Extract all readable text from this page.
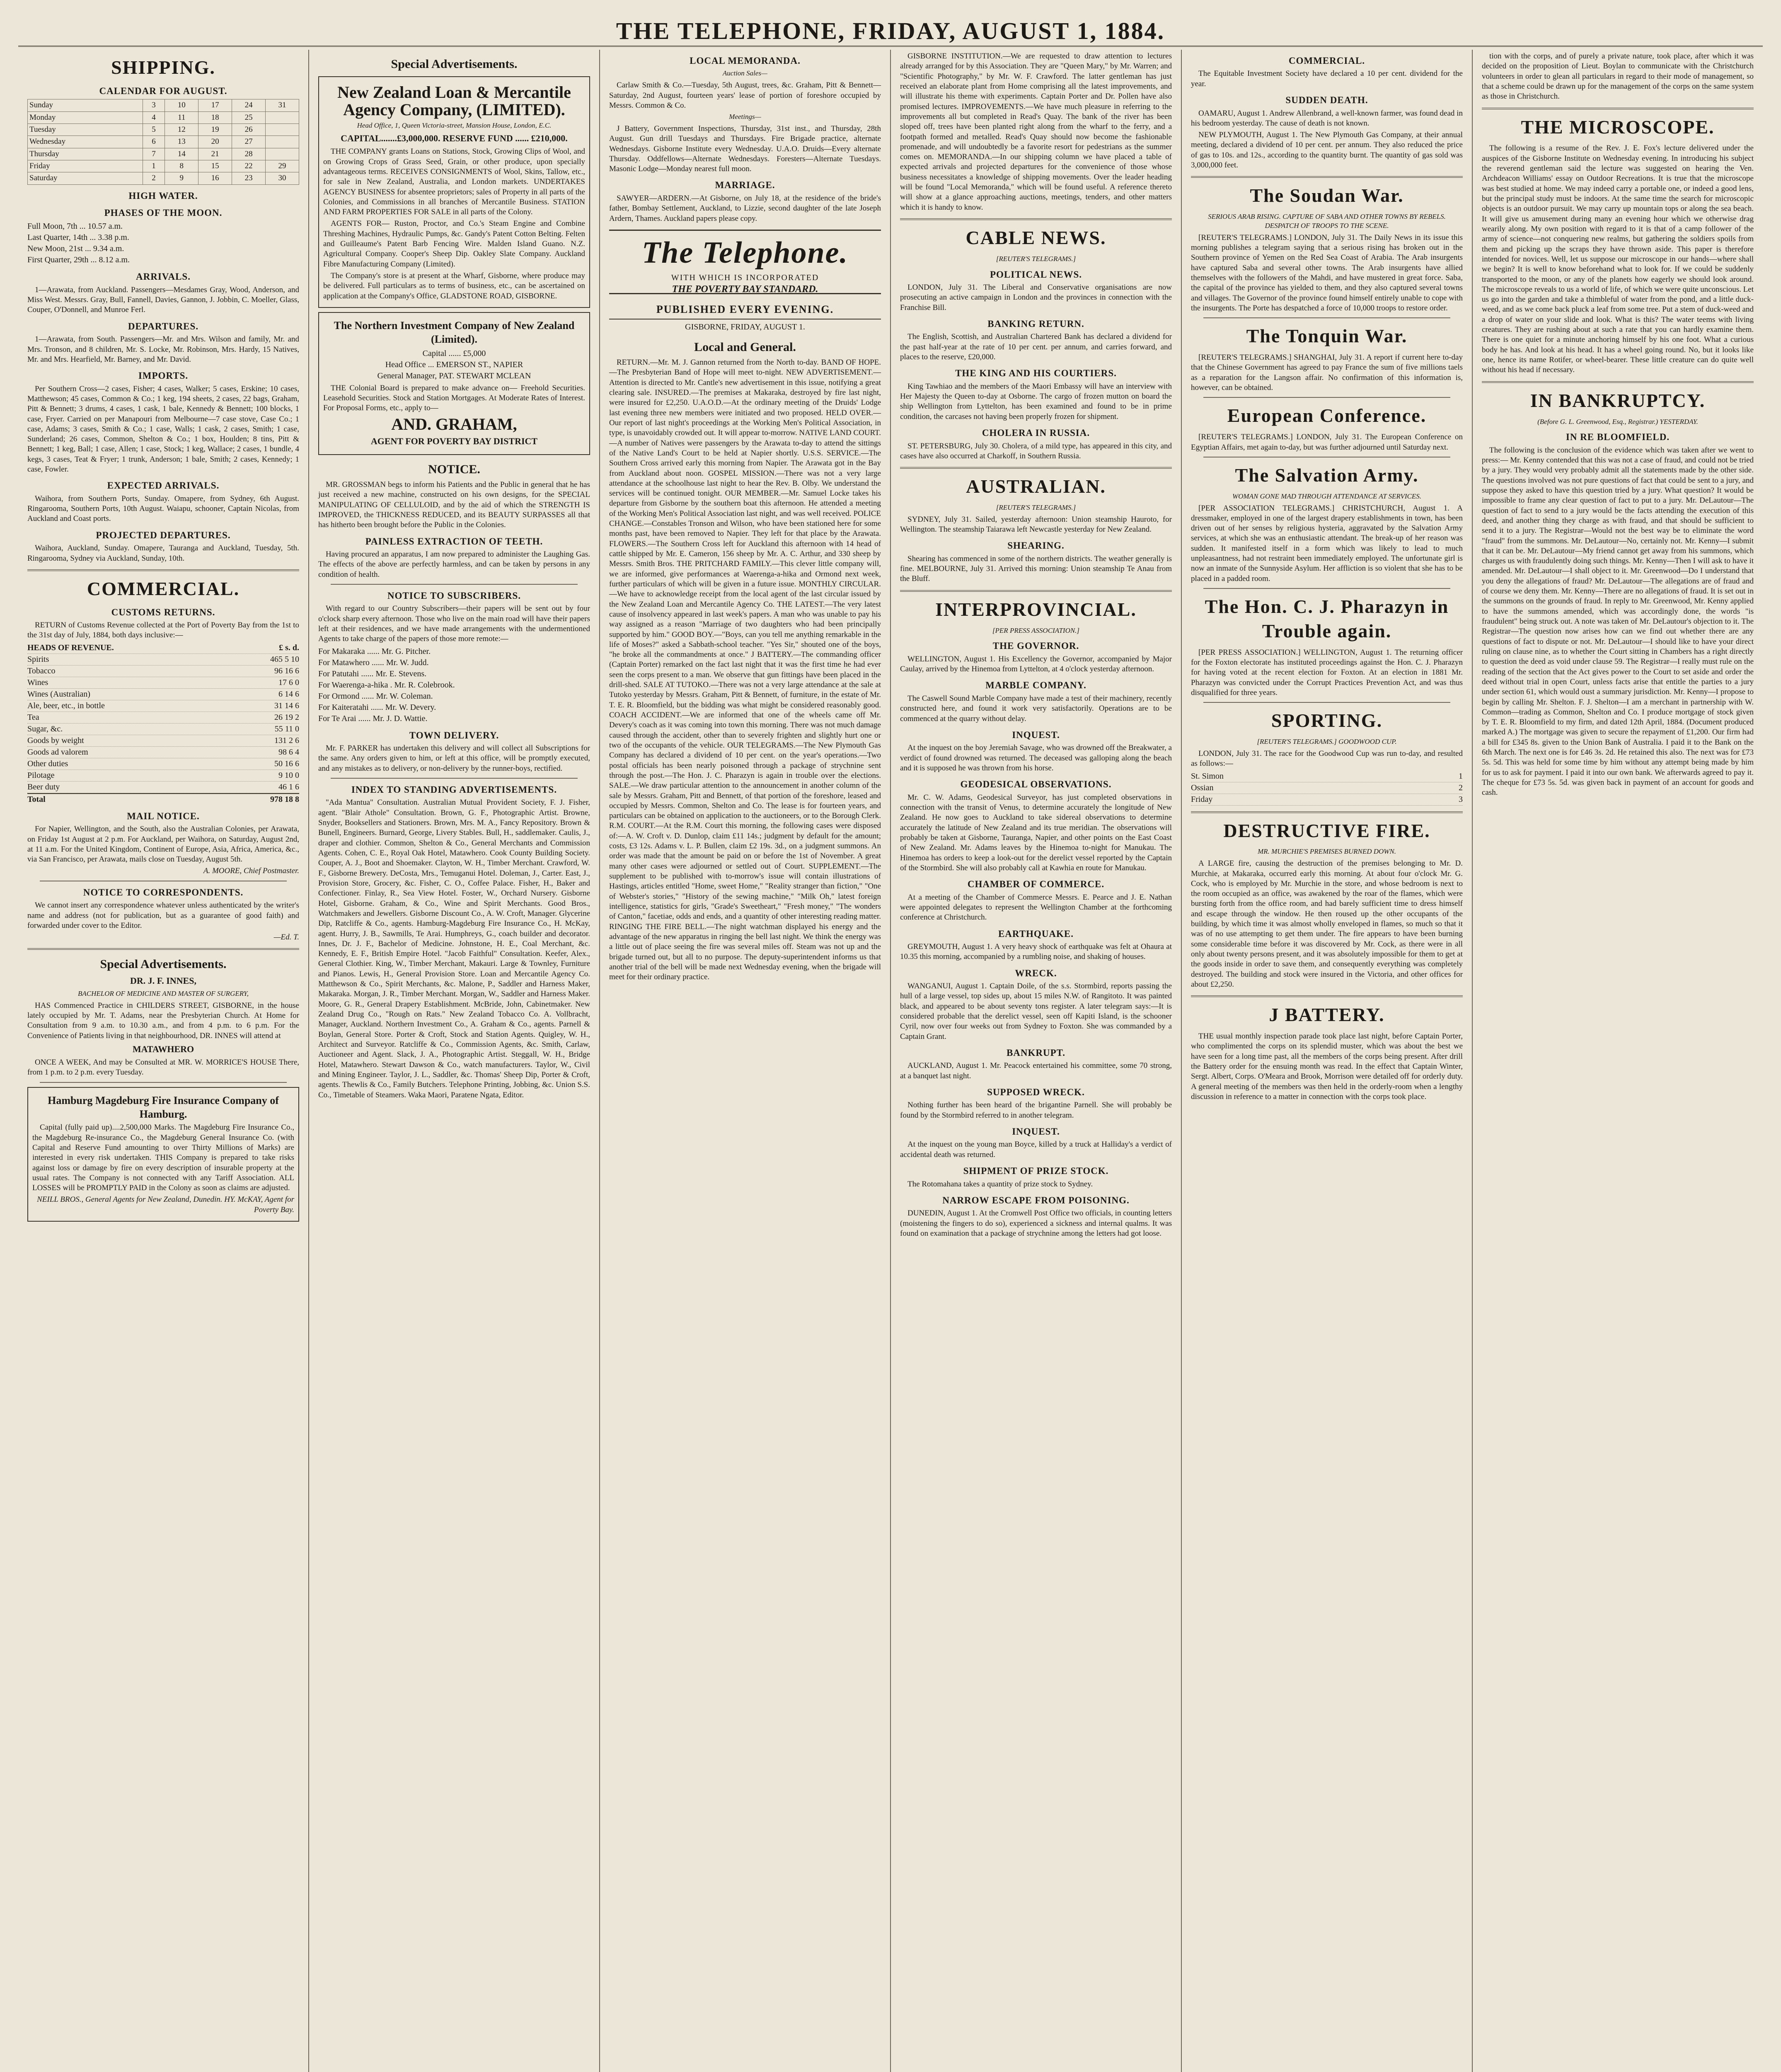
THE TELEPHONE, FRIDAY, AUGUST 1, 1884.
SHIPPING.
CALENDAR FOR AUGUST.
Sunday	3	10	17	24	31
Monday	4	11	18	25	
Tuesday	5	12	19	26	
Wednesday	6	13	20	27	
Thursday	7	14	21	28	
Friday	1	8	15	22	29
Saturday	2	9	16	23	30
HIGH WATER.
PHASES OF THE MOON.
Full Moon, 7th ... 10.57 a.m.
Last Quarter, 14th ... 3.38 p.m.
New Moon, 21st ... 9.34 a.m.
First Quarter, 29th ... 8.12 a.m.
ARRIVALS.

1—Arawata, from Auckland. Passengers—Mesdames Gray, Wood, Anderson, and Miss West. Messrs. Gray, Bull, Fannell, Davies, Gannon, J. Jobbin, C. Moeller, Glass, Couper, O'Donnell, and Munroe Ferl.

DEPARTURES.

1—Arawata, from South. Passengers—Mr. and Mrs. Wilson and family, Mr. and Mrs. Tronson, and 8 children, Mr. S. Locke, Mr. Robinson, Mrs. Hardy, 15 Natives, Mr. and Mrs. Hearfield, Mr. Barney, and Mr. David.

IMPORTS.

Per Southern Cross—2 cases, Fisher; 4 cases, Walker; 5 cases, Erskine; 10 cases, Matthewson; 45 cases, Common & Co.; 1 keg, 194 sheets, 2 cases, 22 bags, Graham, Pitt & Bennett; 3 drums, 4 cases, 1 cask, 1 bale, Kennedy & Bennett; 100 blocks, 1 case, Fryer. Carried on per Manapouri from Melbourne—7 case stove, Case Co.; 1 case, Adams; 3 cases, Smith & Co.; 1 case, Walls; 1 cask, 2 cases, Smith; 1 case, Sunderland; 26 cases, Common, Shelton & Co.; 1 box, Houlden; 8 tins, Pitt & Bennett; 1 keg, Ball; 1 case, Allen; 1 case, Stock; 1 keg, Wallace; 2 cases, 1 bundle, 4 kegs, 3 cases, Teat & Fryer; 1 trunk, Anderson; 1 bale, Smith; 2 cases, Kennedy; 1 case, Fowler.

EXPECTED ARRIVALS.

Waihora, from Southern Ports, Sunday. Omapere, from Sydney, 6th August. Ringarooma, Southern Ports, 10th August. Waiapu, schooner, Captain Nicolas, from Auckland and Coast ports.

PROJECTED DEPARTURES.

Waihora, Auckland, Sunday. Omapere, Tauranga and Auckland, Tuesday, 5th. Ringarooma, Sydney via Auckland, Sunday, 10th.

COMMERCIAL.
CUSTOMS RETURNS.

RETURN of Customs Revenue collected at the Port of Poverty Bay from the 1st to the 31st day of July, 1884, both days inclusive:—

HEADS OF REVENUE.	£ s. d.
Spirits	465 5 10
Tobacco	96 16 6
Wines	17 6 0
Wines (Australian)	6 14 6
Ale, beer, etc., in bottle	31 14 6
Tea	26 19 2
Sugar, &c.	55 11 0
Goods by weight	131 2 6
Goods ad valorem	98 6 4
Other duties	50 16 6
Pilotage	9 10 0
Beer duty	46 1 6
Total	978 18 8
MAIL NOTICE.

For Napier, Wellington, and the South, also the Australian Colonies, per Arawata, on Friday 1st August at 2 p.m. For Auckland, per Waihora, on Saturday, August 2nd, at 11 a.m. For the United Kingdom, Continent of Europe, Asia, Africa, America, &c., via San Francisco, per Arawata, mails close on Tuesday, August 5th.

A. MOORE, Chief Postmaster.
NOTICE TO CORRESPONDENTS.

We cannot insert any correspondence whatever unless authenticated by the writer's name and address (not for publication, but as a guarantee of good faith) and forwarded under cover to the Editor.

—Ed. T.
Special Advertisements.
DR. J. F. INNES,
BACHELOR OF MEDICINE AND MASTER OF SURGERY,

HAS Commenced Practice in CHILDERS STREET, GISBORNE, in the house lately occupied by Mr. T. Adams, near the Presbyterian Church. At Home for Consultation from 9 a.m. to 10.30 a.m., and from 4 p.m. to 6 p.m. For the Convenience of Patients living in that neighbourhood, DR. INNES will attend at

MATAWHERO

ONCE A WEEK, And may be Consulted at MR. W. MORRICE'S HOUSE There, from 1 p.m. to 2 p.m. every Tuesday.

Hamburg Magdeburg Fire Insurance Company of Hamburg.

Capital (fully paid up)....2,500,000 Marks. The Magdeburg Fire Insurance Co., the Magdeburg Re-insurance Co., the Magdeburg General Insurance Co. (with Capital and Reserve Fund amounting to over Thirty Millions of Marks) are interested in every risk undertaken. THIS Company is prepared to take risks against loss or damage by fire on every description of insurable property at the usual rates. The Company is not connected with any Tariff Association. ALL LOSSES will be PROMPTLY PAID in the Colony as soon as claims are adjusted.

NEILL BROS., General Agents for New Zealand, Dunedin. HY. McKAY, Agent for Poverty Bay.
Special Advertisements.
New Zealand Loan & Mercantile Agency Company, (LIMITED).
Head Office, 1, Queen Victoria-street, Mansion House, London, E.C.
CAPITAL.......£3,000,000. RESERVE FUND ...... £210,000.

THE COMPANY grants Loans on Stations, Stock, Growing Clips of Wool, and on Growing Crops of Grass Seed, Grain, or other produce, upon specially advantageous terms. RECEIVES CONSIGNMENTS of Wool, Skins, Tallow, etc., for sale in New Zealand, Australia, and London markets. UNDERTAKES AGENCY BUSINESS for absentee proprietors; sales of Property in all parts of the Colonies, and Commissions in all branches of Mercantile Business. STATION AND FARM PROPERTIES FOR SALE in all parts of the Colony.

AGENTS FOR— Ruston, Proctor, and Co.'s Steam Engine and Combine Threshing Machines, Hydraulic Pumps, &c. Gandy's Patent Cotton Belting. Felten and Guilleaume's Patent Barb Fencing Wire. Malden Island Guano. N.Z. Agricultural Company. Cooper's Sheep Dip. Oakley Slate Company. Auckland Fibre Manufacturing Company (Limited).

The Company's store is at present at the Wharf, Gisborne, where produce may be delivered. Full particulars as to terms of business, etc., can be ascertained on application at the Company's Office, GLADSTONE ROAD, GISBORNE.

The Northern Investment Company of New Zealand (Limited).
Capital ...... £5,000
Head Office ... EMERSON ST., NAPIER
General Manager, PAT. STEWART MCLEAN

THE Colonial Board is prepared to make advance on— Freehold Securities. Leasehold Securities. Stock and Station Mortgages. At Moderate Rates of Interest. For Proposal Forms, etc., apply to—

AND. GRAHAM,
AGENT FOR POVERTY BAY DISTRICT
NOTICE.

MR. GROSSMAN begs to inform his Patients and the Public in general that he has just received a new machine, constructed on his own designs, for the SPECIAL MANIPULATING OF CELLULOID, and by the aid of which the STRENGTH IS IMPROVED, the THICKNESS REDUCED, and its BEAUTY SURPASSES all that has hitherto been brought before the Public in the Colonies.

PAINLESS EXTRACTION OF TEETH.

Having procured an apparatus, I am now prepared to administer the Laughing Gas. The effects of the above are perfectly harmless, and can be taken by persons in any condition of health.

NOTICE TO SUBSCRIBERS.

With regard to our Country Subscribers—their papers will be sent out by four o'clock sharp every afternoon. Those who live on the main road will have their papers left at their residences, and we have made arrangements with the undermentioned Agents to take charge of the papers of those more remote:—

For Makaraka ...... Mr. G. Pitcher.
For Matawhero ...... Mr. W. Judd.
For Patutahi ...... Mr. E. Stevens.
For Waerenga-a-hika . Mr. R. Colebrook.
For Ormond ...... Mr. W. Coleman.
For Kaiteratahi ...... Mr. W. Devery.
For Te Arai ...... Mr. J. D. Wattie.
TOWN DELIVERY.

Mr. F. PARKER has undertaken this delivery and will collect all Subscriptions for the same. Any orders given to him, or left at this office, will be promptly executed, and any mistakes as to delivery, or non-delivery by the runner-boys, rectified.

INDEX TO STANDING ADVERTISEMENTS.

"Ada Mantua" Consultation. Australian Mutual Provident Society, F. J. Fisher, agent. "Blair Athole" Consultation. Brown, G. F., Photographic Artist. Browne, Snyder, Booksellers and Stationers. Brown, Mrs. M. A., Fancy Repository. Brown & Bunell, Engineers. Burnard, George, Livery Stables. Bull, H., saddlemaker. Caulis, J., draper and clothier. Common, Shelton & Co., General Merchants and Commission Agents. Cohen, C. E., Royal Oak Hotel, Matawhero. Cook County Building Society. Couper, A. J., Boot and Shoemaker. Clayton, W. H., Timber Merchant. Crawford, W. F., Gisborne Brewery. DeCosta, Mrs., Temuganui Hotel. Doleman, J., Carter. East, J., Provision Store, Grocery, &c. Fisher, C. O., Coffee Palace. Fisher, H., Baker and Confectioner. Finlay, R., Sea View Hotel. Foster, W., Orchard Nursery. Gisborne Hotel, Gisborne. Graham, & Co., Wine and Spirit Merchants. Good Bros., Watchmakers and Jewellers. Gisborne Discount Co., A. W. Croft, Manager. Glycerine Dip, Ratcliffe & Co., agents. Hamburg-Magdeburg Fire Insurance Co., H. McKay, agent. Hurry, J. B., Sawmills, Te Arai. Humphreys, G., coach builder and decorator. Innes, Dr. J. F., Bachelor of Medicine. Johnstone, H. E., Coal Merchant, &c. Kennedy, E. F., British Empire Hotel. "Jacob Faithful" Consultation. Keefer, Alex., General Clothier. King, W., Timber Merchant, Makauri. Large & Townley, Furniture and Pianos. Lewis, H., General Provision Store. Loan and Mercantile Agency Co. Matthewson & Co., Spirit Merchants, &c. Malone, P., Saddler and Harness Maker, Makaraka. Morgan, J. R., Timber Merchant. Morgan, W., Saddler and Harness Maker. Moore, G. R., General Drapery Establishment. McBride, John, Cabinetmaker. New Zealand Drug Co., "Rough on Rats." New Zealand Tobacco Co. A. Vollbracht, Manager, Auckland. Northern Investment Co., A. Graham & Co., agents. Parnell & Boylan, General Store. Porter & Croft, Stock and Station Agents. Quigley, W. H., Architect and Surveyor. Ratcliffe & Co., Commission Agents, &c. Smith, Carlaw, Auctioneer and Agent. Slack, J. A., Photographic Artist. Steggall, W. H., Bridge Hotel, Matawhero. Stewart Dawson & Co., watch manufacturers. Taylor, W., Civil and Mining Engineer. Taylor, J. L., Saddler, &c. Thomas' Sheep Dip, Porter & Croft, agents. Thewlis & Co., Family Butchers. Telephone Printing, Jobbing, &c. Union S.S. Co., Timetable of Steamers. Waka Maori, Paratene Ngata, Editor.

LOCAL MEMORANDA.
Auction Sales—

Carlaw Smith & Co.—Tuesday, 5th August, trees, &c. Graham, Pitt & Bennett—Saturday, 2nd August, fourteen years' lease of portion of foreshore occupied by Messrs. Common & Co.

Meetings—

J Battery, Government Inspections, Thursday, 31st inst., and Thursday, 28th August. Gun drill Tuesdays and Thursdays. Fire Brigade practice, alternate Wednesdays. Gisborne Institute every Wednesday. U.A.O. Druids—Every alternate Thursday. Oddfellows—Alternate Wednesdays. Foresters—Alternate Tuesdays. Masonic Lodge—Monday nearest full moon.

MARRIAGE.

SAWYER—ARDERN.—At Gisborne, on July 18, at the residence of the bride's father, Bombay Settlement, Auckland, to Lizzie, second daughter of the late Joseph Ardern, Thames. Auckland papers please copy.

The Telephone.
WITH WHICH IS INCORPORATED
THE POVERTY BAY STANDARD.
PUBLISHED EVERY EVENING.
GISBORNE, FRIDAY, AUGUST 1.
Local and General.

RETURN.—Mr. M. J. Gannon returned from the North to-day. BAND OF HOPE.—The Presbyterian Band of Hope will meet to-night. NEW ADVERTISEMENT.—Attention is directed to Mr. Cantle's new advertisement in this issue, notifying a great clearing sale. INSURED.—The premises at Makaraka, destroyed by fire last night, were insured for £2,250. U.A.O.D.—At the ordinary meeting of the Druids' Lodge last evening three new members were initiated and two proposed. HELD OVER.—Our report of last night's proceedings at the Working Men's Political Association, in type, is unavoidably crowded out. It will appear to-morrow. NATIVE LAND COURT.—A number of Natives were passengers by the Arawata to-day to attend the sittings of the Native Land's Court to be held at Napier shortly. U.S.S. SERVICE.—The Southern Cross arrived early this morning from Napier. The Arawata got in the Bay from Auckland about noon. GOSPEL MISSION.—There was not a very large attendance at the schoolhouse last night to hear the Rev. B. Olby. We understand the services will be continued tonight. OUR MEMBER.—Mr. Samuel Locke takes his departure from Gisborne by the southern boat this afternoon. He attended a meeting of the Working Men's Political Association last night, and was well received. POLICE CHANGE.—Constables Tronson and Wilson, who have been stationed here for some months past, have been removed to Napier. They left for that place by the Arawata. FLOWERS.—The Southern Cross left for Auckland this afternoon with 14 head of cattle shipped by Mr. E. Cameron, 156 sheep by Mr. A. C. Arthur, and 330 sheep by Messrs. Smith Bros. THE PRITCHARD FAMILY.—This clever little company will, we are informed, give performances at Waerenga-a-hika and Ormond next week, further particulars of which will be given in a future issue. MONTHLY CIRCULAR.—We have to acknowledge receipt from the local agent of the last circular issued by the New Zealand Loan and Mercantile Agency Co. THE LATEST.—The very latest cause of insolvency appeared in last week's papers. A man who was unable to pay his way assigned as a reason "Marriage of two daughters who had been principally supported by him." GOOD BOY.—"Boys, can you tell me anything remarkable in the life of Moses?" asked a Sabbath-school teacher. "Yes Sir," shouted one of the boys, "he broke all the commandments at once." J BATTERY.—The commanding officer (Captain Porter) remarked on the fact last night that it was the first time he had ever seen the corps present to a man. We observe that gun fittings have been placed in the drill-shed. SALE AT TUTOKO.—There was not a very large attendance at the sale at Tutoko yesterday by Messrs. Graham, Pitt & Bennett, of furniture, in the estate of Mr. T. E. R. Bloomfield, but the bidding was what might be considered reasonably good. COACH ACCIDENT.—We are informed that one of the wheels came off Mr. Devery's coach as it was coming into town this morning. There was not much damage caused through the accident, other than to severely frighten and slightly hurt one or two of the occupants of the vehicle. OUR TELEGRAMS.—The New Plymouth Gas Company has declared a dividend of 10 per cent. on the year's operations.—Two postal officials has been nearly poisoned through a package of strychnine sent through the post.—The Hon. J. C. Pharazyn is again in trouble over the elections. SALE.—We draw particular attention to the announcement in another column of the sale by Messrs. Graham, Pitt and Bennett, of that portion of the foreshore, leased and occupied by Messrs. Common, Shelton and Co. The lease is for fourteen years, and particulars can be obtained on application to the auctioneers, or to the Borough Clerk. R.M. COURT.—At the R.M. Court this morning, the following cases were disposed of:—A. W. Croft v. D. Dunlop, claim £11 14s.; judgment by default for the amount; costs, £3 12s. Adams v. L. P. Bullen, claim £2 19s. 3d., on a judgment summons. An order was made that the amount be paid on or before the 1st of November. A great many other cases were adjourned or settled out of Court. SUPPLEMENT.—The supplement to be published with to-morrow's issue will contain illustrations of Hastings, articles entitled "Home, sweet Home," "Reality stranger than fiction," "One of Webster's stories," "History of the sewing machine," "Milk Oh," latest foreign intelligence, statistics for girls, "Grade's Sweetheart," "Fresh money," "The wonders of Canton," facetiae, odds and ends, and a quantity of other interesting reading matter. RINGING THE FIRE BELL.—The night watchman displayed his energy and the advantage of the new apparatus in ringing the bell last night. We think the energy was a little out of place seeing the fire was several miles off. Steam was not up and the brigade turned out, but all to no purpose. The deputy-superintendent informs us that another trial of the bell will be made next Wednesday evening, when the brigade will meet for their ordinary practice.

GISBORNE INSTITUTION.—We are requested to draw attention to lectures already arranged for by this Association. They are "Queen Mary," by Mr. Warren; and "Scientific Photography," by Mr. W. F. Crawford. The latter gentleman has just received an elaborate plant from Home comprising all the latest improvements, and will illustrate his theme with experiments. Captain Porter and Dr. Pollen have also promised lectures. IMPROVEMENTS.—We have much pleasure in referring to the improvements all but completed in Read's Quay. The bank of the river has been sloped off, trees have been planted right along from the wharf to the ferry, and a footpath formed and metalled. Read's Quay should now become the fashionable promenade, and will undoubtedly be a favorite resort for pedestrians as the summer comes on. MEMORANDA.—In our shipping column we have placed a table of expected arrivals and projected departures for the convenience of those whose business necessitates a knowledge of shipping movements. Over the leader heading will be found "Local Memoranda," which will be found useful. A reference thereto will show at a glance approaching auctions, meetings, tenders, and other matters which it is handy to know.

CABLE NEWS.
[REUTER'S TELEGRAMS.]
POLITICAL NEWS.

LONDON, July 31. The Liberal and Conservative organisations are now prosecuting an active campaign in London and the provinces in connection with the Franchise Bill.

BANKING RETURN.

The English, Scottish, and Australian Chartered Bank has declared a dividend for the past half-year at the rate of 10 per cent. per annum, and carries forward, and places to the reserve, £20,000.

THE KING AND HIS COURTIERS.

King Tawhiao and the members of the Maori Embassy will have an interview with Her Majesty the Queen to-day at Osborne. The cargo of frozen mutton on board the ship Wellington from Lyttelton, has been examined and found to be in prime condition, the carcases not having been properly frozen for shipment.

CHOLERA IN RUSSIA.

ST. PETERSBURG, July 30. Cholera, of a mild type, has appeared in this city, and cases have also occurred at Charkoff, in Southern Russia.

AUSTRALIAN.
[REUTER'S TELEGRAMS.]

SYDNEY, July 31. Sailed, yesterday afternoon: Union steamship Hauroto, for Wellington. The steamship Taiarawa left Newcastle yesterday for New Zealand.

SHEARING.

Shearing has commenced in some of the northern districts. The weather generally is fine. MELBOURNE, July 31. Arrived this morning: Union steamship Te Anau from the Bluff.

INTERPROVINCIAL.
[PER PRESS ASSOCIATION.]
THE GOVERNOR.

WELLINGTON, August 1. His Excellency the Governor, accompanied by Major Caulay, arrived by the Hinemoa from Lyttelton, at 4 o'clock yesterday afternoon.

MARBLE COMPANY.

The Caswell Sound Marble Company have made a test of their machinery, recently constructed here, and found it work very satisfactorily. Operations are to be commenced at the quarry without delay.

INQUEST.

At the inquest on the boy Jeremiah Savage, who was drowned off the Breakwater, a verdict of found drowned was returned. The deceased was galloping along the beach and it is supposed he was thrown from his horse.

GEODESICAL OBSERVATIONS.

Mr. C. W. Adams, Geodesical Surveyor, has just completed observations in connection with the transit of Venus, to determine accurately the longitude of New Zealand. He now goes to Auckland to take sidereal observations to determine accurately the latitude of New Zealand and its true meridian. The observations will probably be taken at Gisborne, Tauranga, Napier, and other points on the East Coast of New Zealand. Mr. Adams leaves by the Hinemoa to-night for Manukau. The Hinemoa has orders to keep a look-out for the derelict vessel reported by the Captain of the Stormbird. She will also probably call at Kawhia en route for Manukau.

CHAMBER OF COMMERCE.

At a meeting of the Chamber of Commerce Messrs. E. Pearce and J. E. Nathan were appointed delegates to represent the Wellington Chamber at the forthcoming conference at Christchurch.

EARTHQUAKE.

GREYMOUTH, August 1. A very heavy shock of earthquake was felt at Ohaura at 10.35 this morning, accompanied by a rumbling noise, and shaking of houses.

WRECK.

WANGANUI, August 1. Captain Doile, of the s.s. Stormbird, reports passing the hull of a large vessel, top sides up, about 15 miles N.W. of Rangitoto. It was painted black, and appeared to be about seventy tons register. A later telegram says:—It is considered probable that the derelict vessel, seen off Kapiti Island, is the schooner Cyril, now over four weeks out from Sydney to Foxton. She was commanded by a Captain Grant.

BANKRUPT.

AUCKLAND, August 1. Mr. Peacock entertained his committee, some 70 strong, at a banquet last night.

SUPPOSED WRECK.

Nothing further has been heard of the brigantine Parnell. She will probably be found by the Stormbird referred to in another telegram.

INQUEST.

At the inquest on the young man Boyce, killed by a truck at Halliday's a verdict of accidental death was returned.

SHIPMENT OF PRIZE STOCK.

The Rotomahana takes a quantity of prize stock to Sydney.

NARROW ESCAPE FROM POISONING.

DUNEDIN, August 1. At the Cromwell Post Office two officials, in counting letters (moistening the fingers to do so), experienced a sickness and internal qualms. It was found on examination that a package of strychnine among the letters had got loose.

COMMERCIAL.

The Equitable Investment Society have declared a 10 per cent. dividend for the year.

SUDDEN DEATH.

OAMARU, August 1. Andrew Allenbrand, a well-known farmer, was found dead in his bedroom yesterday. The cause of death is not known.

NEW PLYMOUTH, August 1. The New Plymouth Gas Company, at their annual meeting, declared a dividend of 10 per cent. per annum. They also reduced the price of gas to 10s. and 12s., according to the quantity burnt. The quantity of gas sold was 3,000,000 feet.

The Soudan War.
SERIOUS ARAB RISING. CAPTURE OF SABA AND OTHER TOWNS BY REBELS. DESPATCH OF TROOPS TO THE SCENE.

[REUTER'S TELEGRAMS.] LONDON, July 31. The Daily News in its issue this morning publishes a telegram saying that a serious rising has broken out in the Southern province of Yemen on the Red Sea Coast of Arabia. The Arab insurgents have captured Saba and several other towns. The Arab insurgents have allied themselves with the followers of the Mahdi, and have mustered in great force. Saba, the capital of the province has yielded to them, and they also captured several towns and villages. The Governor of the province found himself entirely unable to cope with the insurgents. The Porte has despatched a force of 10,000 troops to restore order.

The Tonquin War.

[REUTER'S TELEGRAMS.] SHANGHAI, July 31. A report if current here to-day that the Chinese Government has agreed to pay France the sum of five millions taels as a reparation for the Langson affair. No confirmation of this information is, however, can be obtained.

European Conference.

[REUTER'S TELEGRAMS.] LONDON, July 31. The European Conference on Egyptian Affairs, met again to-day, but was further adjourned until Saturday next.

The Salvation Army.
WOMAN GONE MAD THROUGH ATTENDANCE AT SERVICES.

[PER ASSOCIATION TELEGRAMS.] CHRISTCHURCH, August 1. A dressmaker, employed in one of the largest drapery establishments in town, has been driven out of her senses by religious hysteria, aggravated by the Salvation Army services, at which she was an enthusiastic attendant. The break-up of her reason was sudden. It manifested itself in a form which was likely to lead to much unpleasantness, had not restraint been immediately employed. The unfortunate girl is now an inmate of the Sunnyside Asylum. Her affliction is so violent that she has to be placed in a padded room.

The Hon. C. J. Pharazyn in Trouble again.

[PER PRESS ASSOCIATION.] WELLINGTON, August 1. The returning officer for the Foxton electorate has instituted proceedings against the Hon. C. J. Pharazyn for having voted at the recent election for Foxton. At an election in 1881 Mr. Pharazyn was convicted under the Corrupt Practices Prevention Act, and was thus disqualified for three years.

SPORTING.
[REUTER'S TELEGRAMS.] GOODWOOD CUP.

LONDON, July 31. The race for the Goodwood Cup was run to-day, and resulted as follows:—

St. Simon	1
Ossian	2
Friday	3
DESTRUCTIVE FIRE.
MR. MURCHIE'S PREMISES BURNED DOWN.

A LARGE fire, causing the destruction of the premises belonging to Mr. D. Murchie, at Makaraka, occurred early this morning. At about four o'clock Mr. G. Cock, who is employed by Mr. Murchie in the store, and whose bedroom is next to the room occupied as an office, was awakened by the roar of the flames, which were bursting forth from the office room, and had barely sufficient time to dress himself and escape through the window. He then roused up the other occupants of the building, by which time it was almost wholly enveloped in flames, so much so that it was of no use attempting to get them under. The fire appears to have been burning some considerable time before it was discovered by Mr. Cock, as there were in all only about twenty persons present, and it was absolutely impossible for them to get at the goods inside in order to save them, and consequently everything was completely destroyed. The building and stock were insured in the Victoria, and other offices for about £2,250.

J BATTERY.

THE usual monthly inspection parade took place last night, before Captain Porter, who complimented the corps on its splendid muster, which was about the best we have seen for a long time past, all the members of the corps being present. After drill the Battery order for the ensuing month was read. In the effect that Captain Winter, Sergt. Albert, Corps. O'Meara and Brook, Morrison were detailed off for orderly duty. A general meeting of the members was then held in the orderly-room when a lengthy discussion in reference to a matter in connection with the corps took place.

tion with the corps, and of purely a private nature, took place, after which it was decided on the proposition of Lieut. Boylan to communicate with the Christchurch volunteers in order to glean all particulars in regard to their mode of management, so that a scheme could be drawn up for the management of the corps on the same system as those in Christchurch.

THE MICROSCOPE.

The following is a resume of the Rev. J. E. Fox's lecture delivered under the auspices of the Gisborne Institute on Wednesday evening. In introducing his subject the reverend gentleman said the lecture was suggested on hearing the Ven. Archdeacon Williams' essay on Outdoor Recreations. It is true that the microscope was best studied at home. We may indeed carry a portable one, or indeed a good lens, but the principal study must be indoors. At the same time the search for microscopic objects is an outdoor pursuit. We may carry up mountain tops or along the sea beach. It will give us amusement during many an evening hour which we otherwise drag wearily along. My own position with regard to it is that of a camp follower of the army of science—not conquering new realms, but gathering the soldiers spoils from them and picking up the scraps they have thrown aside. This paper is therefore intended for novices. Well, let us suppose our microscope in our hands—where shall we begin? It is well to know beforehand what to look for. If we could be suddenly transported to the moon, or any of the planets how eagerly we should look around. The microscope reveals to us a world of life, of which we were quite unconscious. Let us go into the garden and take a thimbleful of water from the pond, and a little duck-weed, and as we come back pluck a leaf from some tree. Put a stem of duck-weed and a drop of water on your slide and look. What is this? The water teems with living creatures. They are rushing about at such a rate that you can hardly examine them. There is one quiet for a minute anchoring himself by his one foot. What a curious body he has. And look at his head. It has a wheel going round. No, but it looks like one, hence its name Rotifer, or wheel-bearer. These little creature can do quite well without his head if necessary.

IN BANKRUPTCY.
(Before G. L. Greenwood, Esq., Registrar.) YESTERDAY.
IN RE BLOOMFIELD.

The following is the conclusion of the evidence which was taken after we went to press:— Mr. Kenny contended that this was not a case of fraud, and could not be tried by a jury. They would very probably admit all the statements made by the other side. The questions involved was not pure questions of fact that could be sent to a jury, and suppose they asked to have this question tried by a jury. What question? It would be impossible to frame any clear question of fact to put to a jury. Mr. DeLautour—The question of fact to send to a jury would be the facts attending the execution of this deed, and another thing they charge as with fraud, and that should be sufficient to send it to a jury. The Registrar—Would not the best way be to eliminate the word "fraud" from the summons. Mr. DeLautour—No, certainly not. Mr. Kenny—I submit that it can be. Mr. DeLautour—My friend cannot get away from his summons, which charges us with fraudulently doing such things. Mr. Kenny—Then I will ask to have it amended. Mr. DeLautour—I shall object to it. Mr. Greenwood—Do I understand that you deny the allegations of fraud? Mr. DeLautour—The allegations are of fraud and of course we deny them. Mr. Kenny—There are no allegations of fraud. It is set out in the summons on the grounds of fraud. In reply to Mr. Greenwood, Mr. Kenny applied to have the summons amended, which was accordingly done, the words "is fraudulent" being struck out. A note was taken of Mr. DeLautour's objection to it. The Registrar—The question now arises how can we find out whether there are any questions of fact to dispute or not. Mr. DeLautour—I should like to have your direct ruling on clause nine, as to whether the Court sitting in Chambers has a right directly to question the deed as void under clause 59. The Registrar—I really must rule on the reading of the section that the Act gives power to the Court to set aside and order the deed without trial in open Court, unless facts arise that entitle the parties to a jury under section 61, which would oust a summary jurisdiction. Mr. Kenny—I propose to begin by calling Mr. Shelton. F. J. Shelton—I am a merchant in partnership with W. Common—trading as Common, Shelton and Co. I produce mortgage of stock given by T. E. R. Bloomfield to my firm, and dated 12th April, 1884. (Document produced marked A.) The mortgage was given to secure the repayment of £1,200. Our firm had a bill for £345 8s. given to the Union Bank of Australia. I paid it to the Bank on the 6th March. The next one is for £46 3s. 2d. He retained this also. The next was for £73 5s. 5d. This was held for some time by him without any attempt being made by him for us to ask for payment. I paid it into our own bank. We afterwards agreed to pay it. The cheque for £73 5s. 5d. was given back in payment of an account for goods and cash.
